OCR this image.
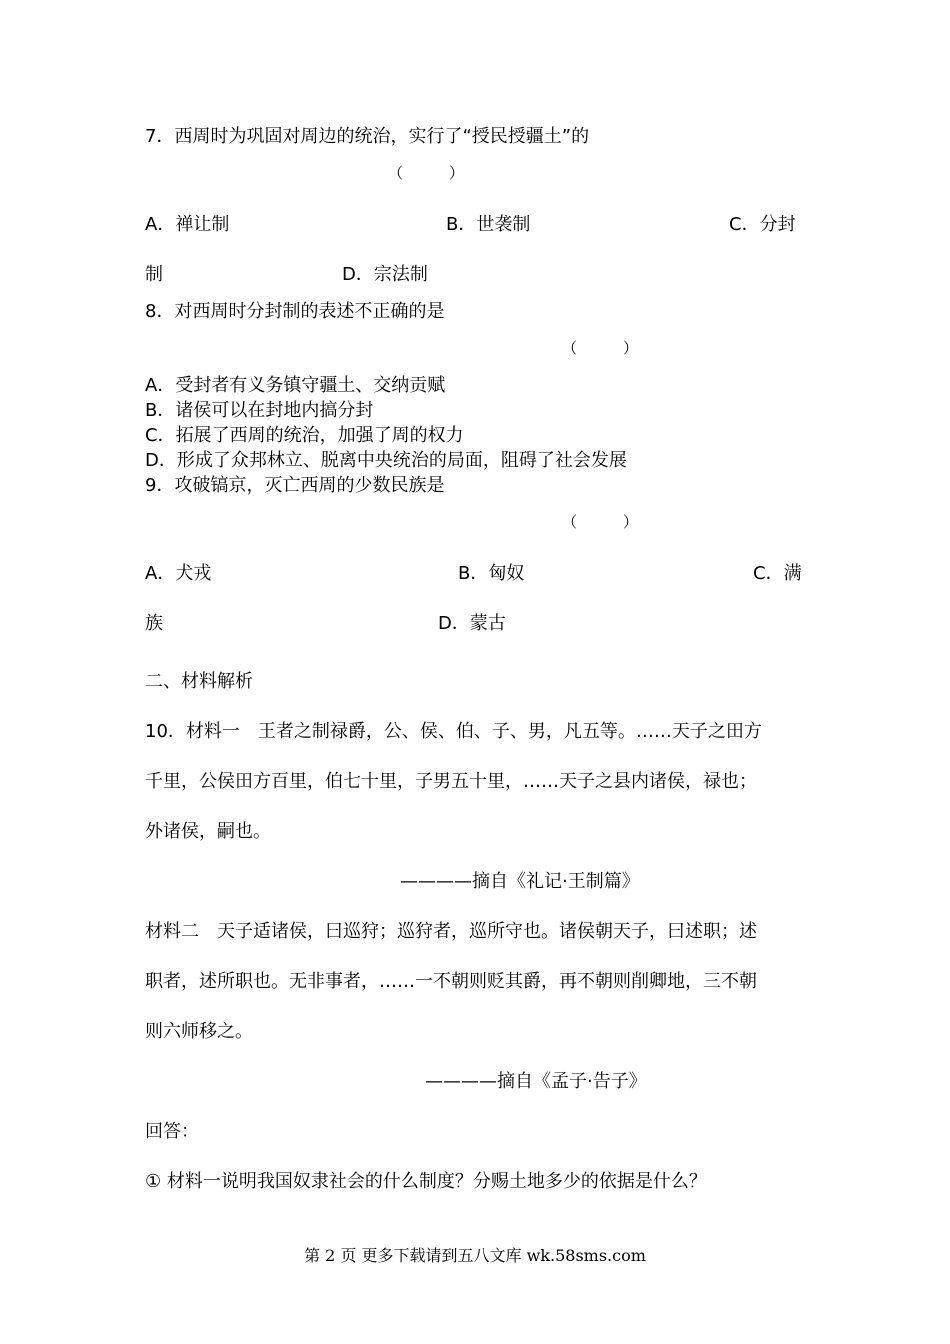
7．西周时为巩固对周边的统治，实行了“授民授疆土”的
（	）
A．禅让制	B．世袭制	C．分封
制	D．宗法制
8．对西周时分封制的表述不正确的是
（	）
A．受封者有义务镇守疆土、交纳贡赋
B．诸侯可以在封地内搞分封
C．拓展了西周的统治，加强了周的权力
D．形成了众邦林立、脱离中央统治的局面，阻碍了社会发展
9．攻破镐京，灭亡西周的少数民族是
（	）
A．犬戎	B．匈奴	C．满
族	D．蒙古
二、材料解析
10．材料一　王者之制禄爵，公、侯、伯、子、男，凡五等。……天子之田方
千里，公侯田方百里，伯七十里，子男五十里，……天子之县内诸侯，禄也；
外诸侯，嗣也。
————摘自《礼记·王制篇》
材料二　天子适诸侯，曰巡狩；巡狩者，巡所守也。诸侯朝天子，曰述职；述
职者，述所职也。无非事者，……一不朝则贬其爵，再不朝则削卿地，三不朝
则六师移之。
————摘自《孟子·告子》
回答：
① 材料一说明我国奴隶社会的什么制度？分赐土地多少的依据是什么？
第 2 页 更多下载请到五八文库 wk.58sms.com
